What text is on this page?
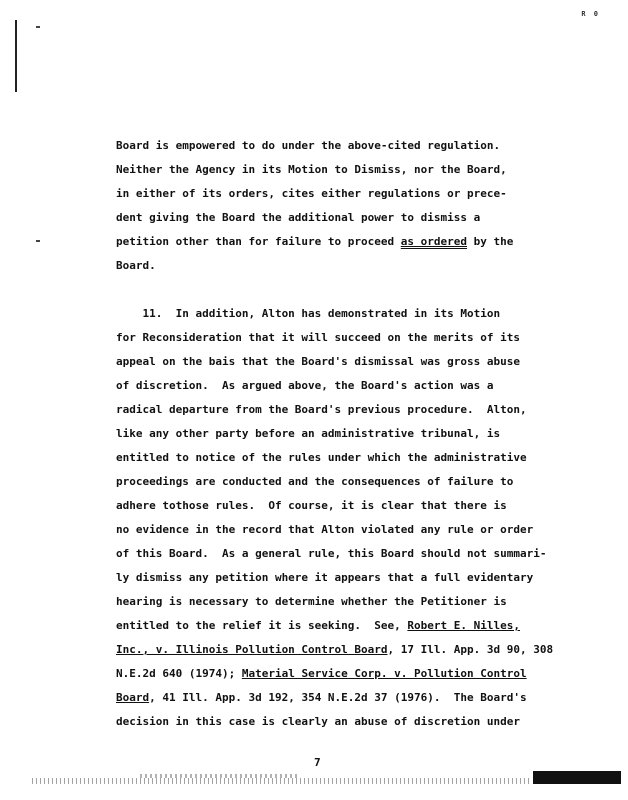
R 0
Board is empowered to do under the above-cited regulation.
Neither the Agency in its Motion to Dismiss, nor the Board,
in either of its orders, cites either regulations or prece-
dent giving the Board the additional power to dismiss a
petition other than for failure to proceed as ordered by the
Board.
11.  In addition, Alton has demonstrated in its Motion
for Reconsideration that it will succeed on the merits of its
appeal on the bais that the Board's dismissal was gross abuse
of discretion.  As argued above, the Board's action was a
radical departure from the Board's previous procedure.  Alton,
like any other party before an administrative tribunal, is
entitled to notice of the rules under which the administrative
proceedings are conducted and the consequences of failure to
adhere tothose rules.  Of course, it is clear that there is
no evidence in the record that Alton violated any rule or order
of this Board.  As a general rule, this Board should not summari-
ly dismiss any petition where it appears that a full evidentary
hearing is necessary to determine whether the Petitioner is
entitled to the relief it is seeking.  See, Robert E. Nilles,
Inc., v. Illinois Pollution Control Board, 17 Ill. App. 3d 90, 308
N.E.2d 640 (1974); Material Service Corp. v. Pollution Control
Board, 41 Ill. App. 3d 192, 354 N.E.2d 37 (1976).  The Board's
decision in this case is clearly an abuse of discretion under
7
